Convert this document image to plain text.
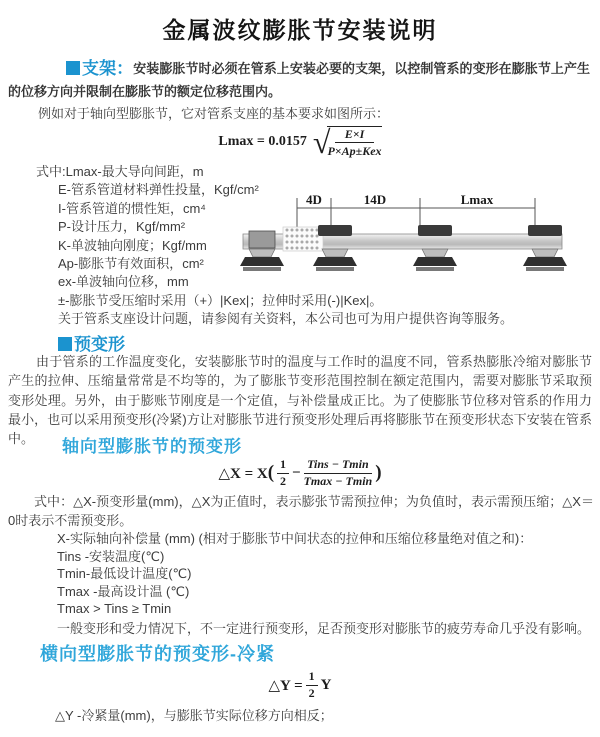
金属波纹膨胀节安装说明
支架：安装膨胀节时必须在管系上安装必要的支架，以控制管系的变形在膨胀节上产生的位移方向并限制在膨胀节的额定位移范围内。
例如对于轴向型膨胀节，它对管系支座的基本要求如图所示：
Lmax = 0.0157 √
$\frac{E\times I}{\text{P×Ap±Kex}}$
式中:Lmax-最大导向间距，m
E-管系管道材料弹性投量，Kgf/cm²
I-管系管道的惯性矩，cm⁴
P-设计压力，Kgf/mm²
K-单波轴向刚度；Kgf/mm
Ap-膨胀节有效面积，cm²
ex-单波轴向位移，mm
±-膨胀节受压缩时采用（+）|Kex|；拉伸时采用(-)|Kex|。
关于管系支座设计问题，请参阅有关资料，本公司也可为用户提供咨询等服务。
4D	14D	Lmax
预变形
由于管系的工作温度变化，安装膨胀节时的温度与工作时的温度不同，管系热膨胀冷缩对膨胀节产生的拉伸、压缩量常常是不均等的，为了膨胀节变形范围控制在额定范围内，需要对膨胀节采取预变形处理。另外，由于膨账节刚度是一个定值，与补偿量成正比。为了使膨胀节位移对管系的作用力最小，也可以采用预变形(冷紧)方让对膨胀节进行预变形处理后再将膨胀节在预变形状态下安装在管系中。	轴向型膨胀节的预变形
△X = X ( $\frac{1}{2} - \frac{\text{Tins − Tmin}}{Tmax - Tmin}$ )
式中：△X-预变形量(mm)，△X为正值时，表示膨张节需预拉伸；为负值时，表示需预压缩；△X＝0时表示不需预变形。
X-实际轴向补偿量 (mm) (相对于膨胀节中间状态的拉伸和压缩位移量绝对值之和)：
Tins -安装温度(℃)
Tmin-最低设计温度(℃)
Tmax -最高设计温 (℃)
Tmax > Tins ≥ Tmin
一般变形和受力情况下，不一定进行预变形，足否预变形对膨胀节的疲劳寿命几乎没有影响。
横向型膨胀节的预变形-冷紧
△Y = $\frac{1}{2}$ Y
△Y -冷紧量(mm)，与膨胀节实际位移方向相反；
